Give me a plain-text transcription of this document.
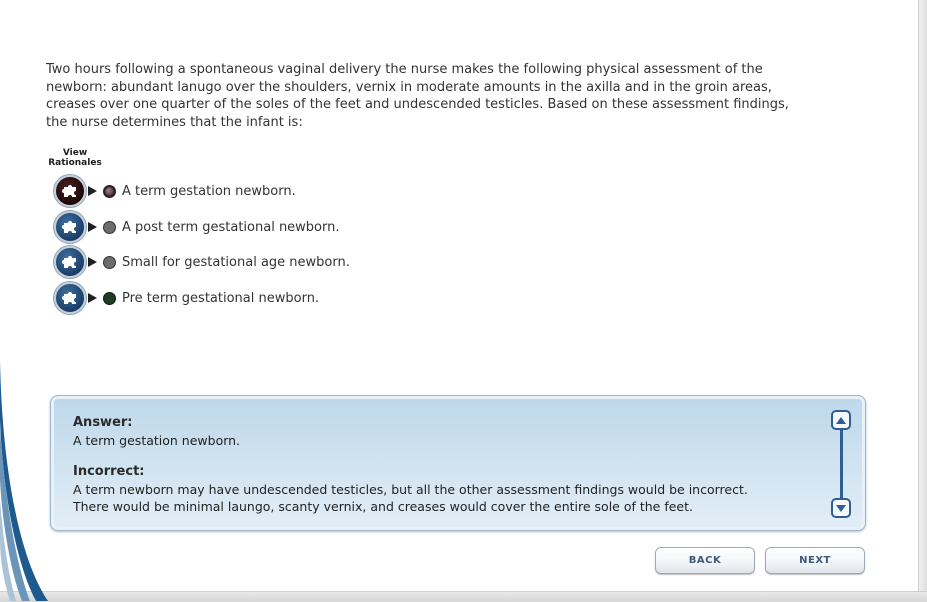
Two hours following a spontaneous vaginal delivery the nurse makes the following physical assessment of the newborn: abundant lanugo over the shoulders, vernix in moderate amounts in the axilla and in the groin areas, creases over one quarter of the soles of the feet and undescended testicles. Based on these assessment findings, the nurse determines that the infant is:
View
Rationales
A term gestation newborn.
A post term gestational newborn.
Small for gestational age newborn.
Pre term gestational newborn.
Answer:
A term gestation newborn.
Incorrect:
A term newborn may have undescended testicles, but all the other assessment findings would be incorrect.
There would be minimal laungo, scanty vernix, and creases would cover the entire sole of the feet.
BACK	NEXT
